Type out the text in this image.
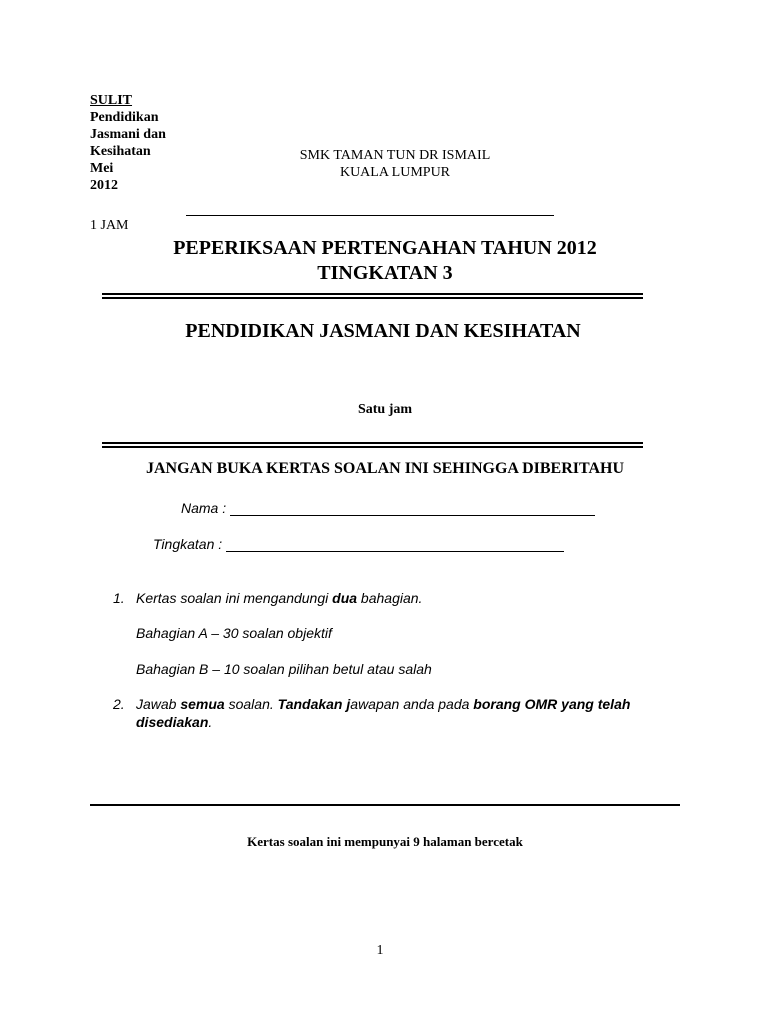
SULIT
Pendidikan
Jasmani dan
Kesihatan
Mei
2012
1 JAM
SMK TAMAN TUN DR ISMAIL
KUALA LUMPUR
PEPERIKSAAN PERTENGAHAN TAHUN 2012
TINGKATAN 3
PENDIDIKAN JASMANI DAN KESIHATAN
Satu jam
JANGAN BUKA KERTAS SOALAN INI SEHINGGA DIBERITAHU
Nama :
Tingkatan :
1. Kertas soalan ini mengandungi dua bahagian.
Bahagian A – 30 soalan objektif
Bahagian B – 10 soalan pilihan betul atau salah
2. Jawab semua soalan. Tandakan jawapan anda pada borang OMR yang telah disediakan.
Kertas soalan ini mempunyai 9 halaman bercetak
1
